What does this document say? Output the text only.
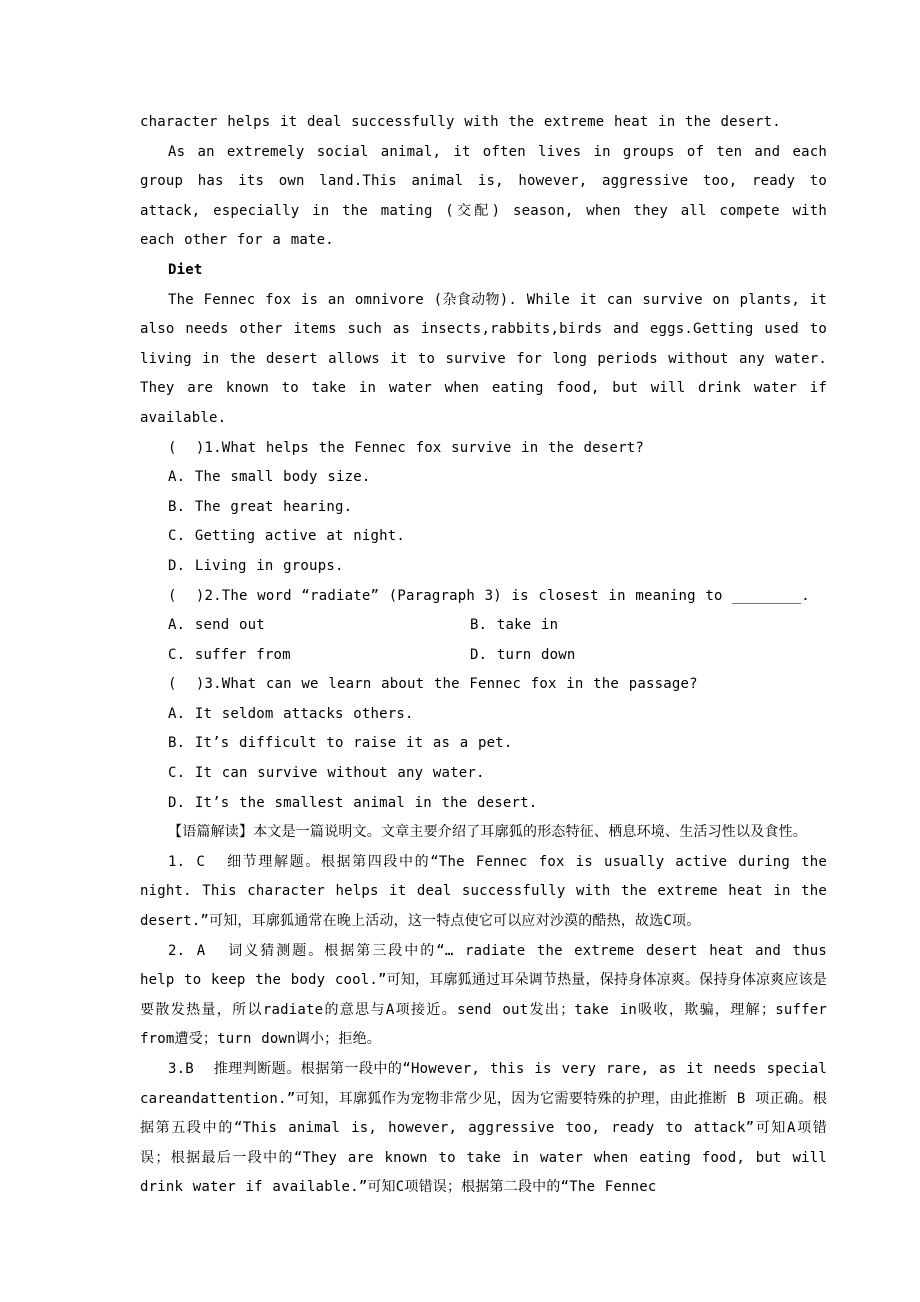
character helps it deal successfully with the extreme heat in the desert.

As an extremely social animal, it often lives in groups of ten and each group has its own land.This animal is, however, aggressive too, ready to attack, especially in the mating (交配) season, when they all compete with each other for a mate.

Diet

The Fennec fox is an omnivore (杂食动物). While it can survive on plants, it also needs other items such as insects,rabbits,birds and eggs.Getting used to living in the desert allows it to survive for long periods without any water. They are known to take in water when eating food, but will drink water if available.

(  )1.What helps the Fennec fox survive in the desert?

A. The small body size.

B. The great hearing.

C. Getting active at night.

D. Living in groups.

(  )2.The word “radiate” (Paragraph 3) is closest in meaning to ________.

A. send out	B. take in
C. suffer from	D. turn down

(  )3.What can we learn about the Fennec fox in the passage?

A. It seldom attacks others.

B. It’s difficult to raise it as a pet.

C. It can survive without any water.

D. It’s the smallest animal in the desert.

【语篇解读】本文是一篇说明文。文章主要介绍了耳廓狐的形态特征、栖息环境、生活习性以及食性。

1. C  细节理解题。根据第四段中的“The Fennec fox is usually active during the night. This character helps it deal successfully with the extreme heat in the desert.”可知，耳廓狐通常在晚上活动，这一特点使它可以应对沙漠的酷热，故选C项。

2. A  词义猜测题。根据第三段中的“… radiate the extreme desert heat and thus help to keep the body cool.”可知，耳廓狐通过耳朵调节热量，保持身体凉爽。保持身体凉爽应该是要散发热量，所以radiate的意思与A项接近。send out发出；take in吸收，欺骗，理解；suffer from遭受；turn down调小；拒绝。

3.B  推理判断题。根据第一段中的“However, this is very rare, as it needs special careandattention.”可知，耳廓狐作为宠物非常少见，因为它需要特殊的护理，由此推断 B 项正确。根据第五段中的“This animal is, however, aggressive too, ready to attack”可知A项错误；根据最后一段中的“They are known to take in water when eating food, but will drink water if available.”可知C项错误；根据第二段中的“The Fennec
